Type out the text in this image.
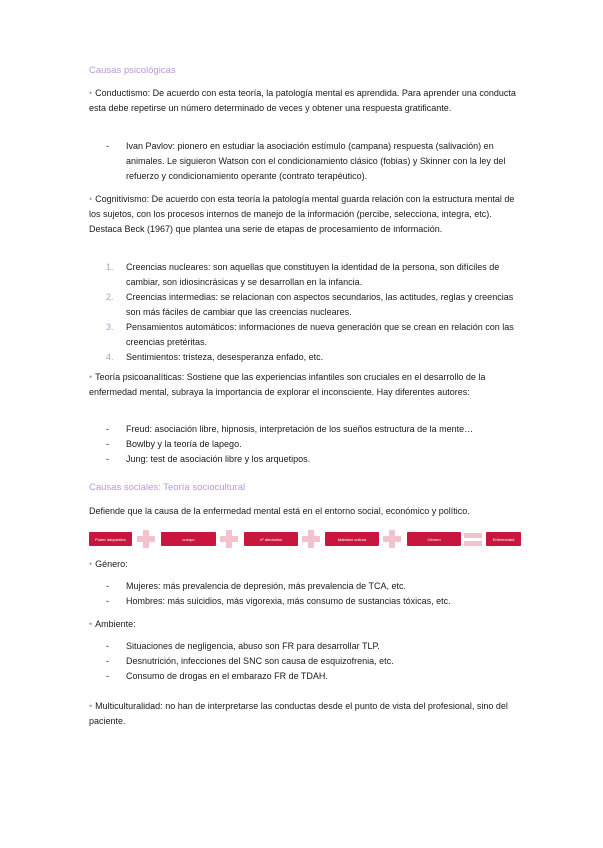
Causas psicológicas
• Conductismo: De acuerdo con esta teoría, la patología mental es aprendida. Para aprender una conducta esta debe repetirse un número determinado de veces y obtener una respuesta gratificante.
- Ivan Pavlov: pionero en estudiar la asociación estímulo (campana) respuesta (salivación) en animales. Le siguieron Watson con el condicionamiento clásico (fobias) y Skinner con la ley del refuerzo y condicionamiento operante (contrato terapéutico).
• Cognitivismo: De acuerdo con esta teoría la patología mental guarda relación con la estructura mental de los sujetos, con los procesos internos de manejo de la información (percibe, selecciona, integra, etc). Destaca Beck (1967) que plantea una serie de etapas de procesamiento de información.
1. Creencias nucleares: son aquellas que constituyen la identidad de la persona, son difíciles de cambiar, son idiosincrásicas y se desarrollan en la infancia.
2. Creencias intermedias: se relacionan con aspectos secundarios, las actitudes, reglas y creencias son más fáciles de cambiar que las creencias nucleares.
3. Pensamientos automáticos: informaciones de nueva generación que se crean en relación con las creencias pretéritas.
4. Sentimientos: tristeza, desesperanza enfado, etc.
• Teoría psicoanalíticas: Sostiene que las experiencias infantiles son cruciales en el desarrollo de la enfermedad mental, subraya la importancia de explorar el inconsciente. Hay diferentes autores:
- Freud: asociación libre, hipnosis, interpretación de los sueños estructura de la mente…
- Bowlby y la teoría de lapego.
- Jung: test de asociación libre y los arquetipos.
Causas sociales: Teoría sociocultural
Defiende que la causa de la enfermedad mental está en el entorno social, económico y político.
Poder adquisitivo	cuerpo	nº afectados	Malestar cultura	Género	Enfermedad
• Género:
- Mujeres: más prevalencia de depresión, más prevalencia de TCA, etc.
- Hombres: más suicidios, más vigorexia, más consumo de sustancias tóxicas, etc.
• Ambiente:
- Situaciones de negligencia, abuso son FR para desarrollar TLP.
- Desnutrición, infecciones del SNC son causa de esquizofrenia, etc.
- Consumo de drogas en el embarazo FR de TDAH.
• Multiculturalidad: no han de interpretarse las conductas desde el punto de vista del profesional, sino del paciente.
